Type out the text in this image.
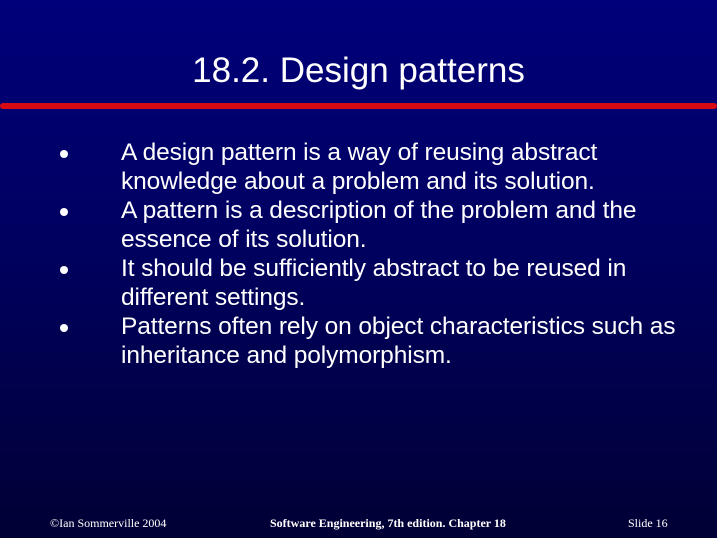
18.2. Design patterns
A design pattern is a way of reusing abstract knowledge about a problem and its solution.
A pattern is a description of the problem and the essence of its solution.
It should be sufficiently abstract to be reused in different settings.
Patterns often rely on object characteristics such as inheritance and polymorphism.
©Ian Sommerville 2004	Software Engineering, 7th edition. Chapter 18	Slide 16
